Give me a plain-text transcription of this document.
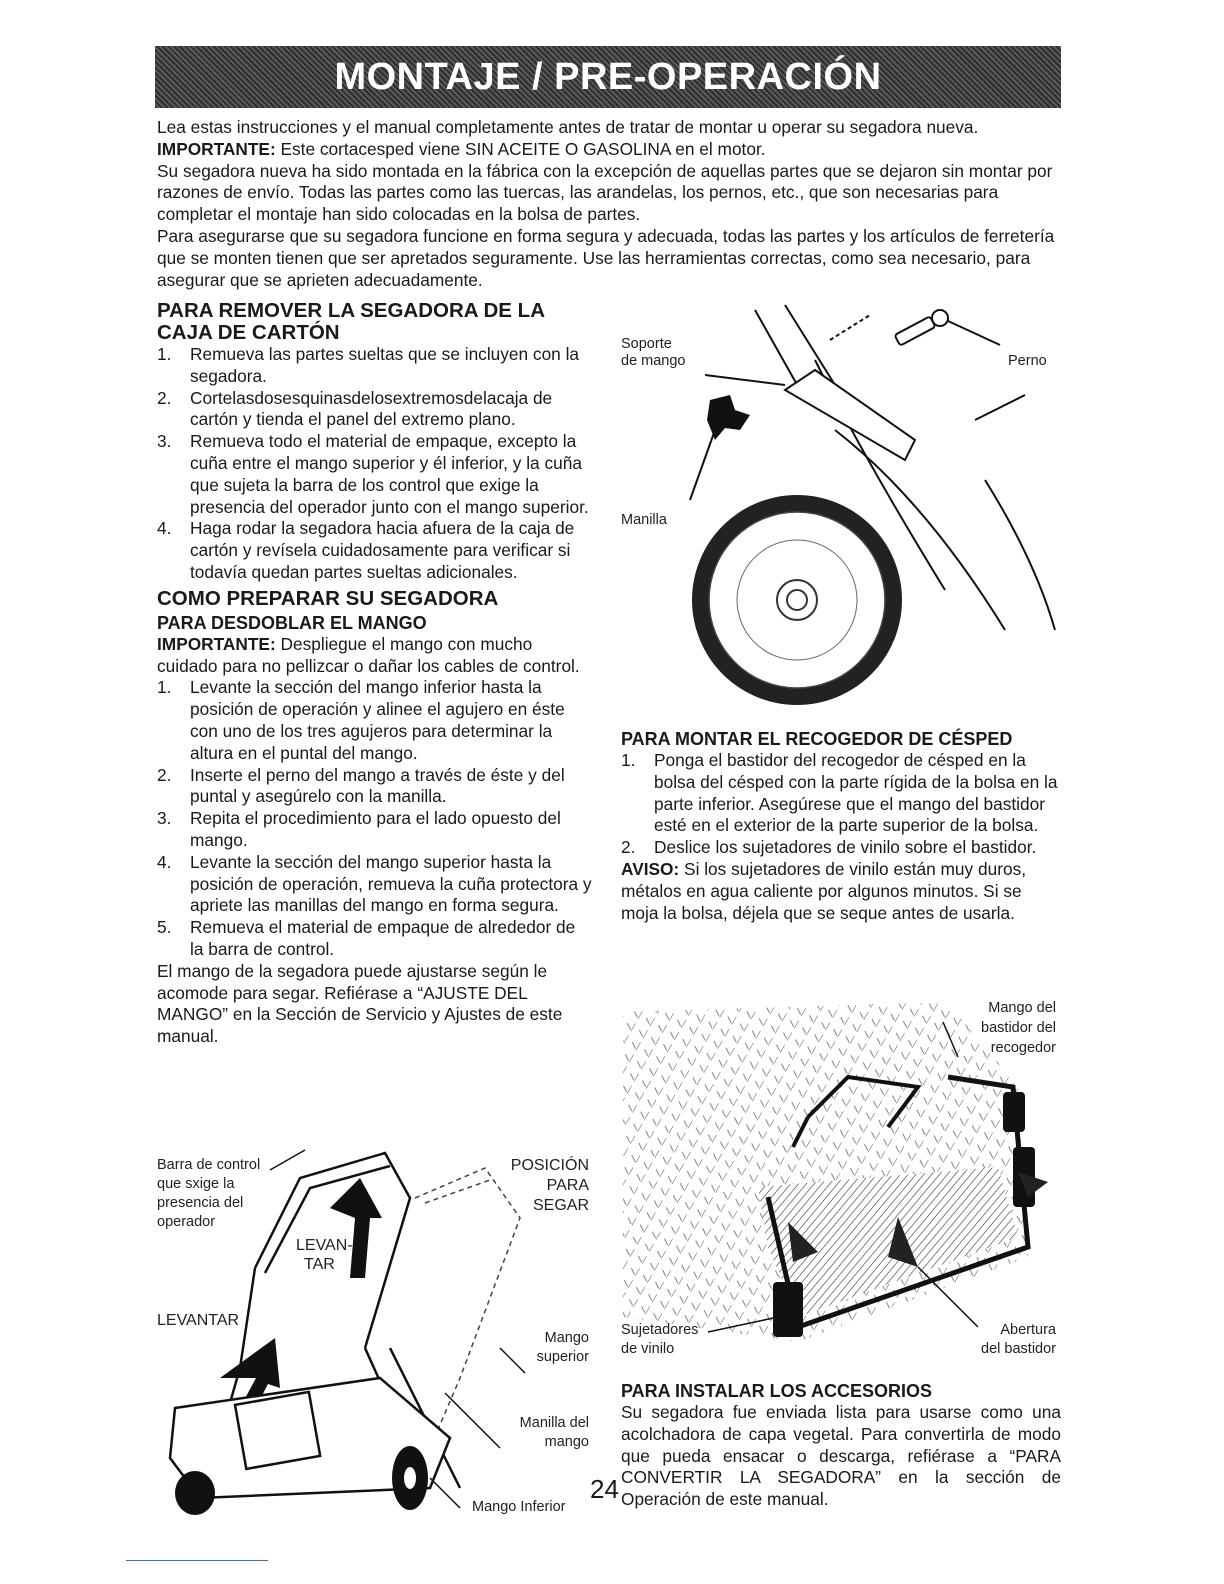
MONTAJE / PRE-OPERACIÓN

Lea estas instrucciones y el manual completamente antes de tratar de montar u operar su segadora nueva.

IMPORTANTE: Este cortacesped viene SIN ACEITE O GASOLINA en el motor.

Su segadora nueva ha sido montada en la fábrica con la excepción de aquellas partes que se dejaron sin montar por razones de envío. Todas las partes como las tuercas, las arandelas, los pernos, etc., que son necesarias para completar el montaje han sido colocadas en la bolsa de partes.

Para asegurarse que su segadora funcione en forma segura y adecuada, todas las partes y los artículos de ferretería que se monten tienen que ser apretados seguramente. Use las herramientas correctas, como sea necesario, para asegurar que se aprieten adecuadamente.

PARA REMOVER LA SEGADORA DE LA CAJA DE CARTÓN
1. Remueva las partes sueltas que se incluyen con la segadora.
2. Cortelasdosesquinasdelosextremosdelacaja de cartón y tienda el panel del extremo plano.
3. Remueva todo el material de empaque, excepto la cuña entre el mango superior y él inferior, y la cuña que sujeta la barra de los control que exige la presencia del operador junto con el mango superior.
4. Haga rodar la segadora hacia afuera de la caja de cartón y revísela cuidadosamente para verificar si todavía quedan partes sueltas adicionales.
COMO PREPARAR SU SEGADORA
PARA DESDOBLAR EL MANGO

IMPORTANTE: Despliegue el mango con mucho cuidado para no pellizcar o dañar los cables de control.

1. Levante la sección del mango inferior hasta la posición de operación y alinee el agujero en éste con uno de los tres agujeros para determinar la altura en el puntal del mango.
2. Inserte el perno del mango a través de éste y del puntal y asegúrelo con la manilla.
3. Repita el procedimiento para el lado opuesto del mango.
4. Levante la sección del mango superior hasta la posición de operación, remueva la cuña protectora y apriete las manillas del mango en forma segura.
5. Remueva el material de empaque de alrededor de la barra de control.

El mango de la segadora puede ajustarse según le acomode para segar. Refiérase a “AJUSTE DEL MANGO” en la Sección de Servicio y Ajustes de este manual.

Soporte
de mango	Perno
Manilla
PARA MONTAR EL RECOGEDOR DE CÉSPED
1. Ponga el bastidor del recogedor de césped en la bolsa del césped con la parte rígida de la bolsa en la parte inferior. Asegúrese que el mango del bastidor esté en el exterior de la parte superior de la bolsa.
2. Deslice los sujetadores de vinilo sobre el bastidor.

AVISO: Si los sujetadores de vinilo están muy duros, métalos en agua caliente por algunos minutos. Si se moja la bolsa, déjela que se seque antes de usarla.

Mango del
bastidor del
recogedor
Sujetadores
de vinilo
Abertura
del bastidor
PARA INSTALAR LOS ACCESORIOS

Su segadora fue enviada lista para usarse como una acolchadora de capa vegetal. Para convertirla de modo que pueda ensacar o descarga, refiérase a “PARA CONVERTIR LA SEGADORA” en la sección de Operación de este manual.

Barra de control
que sxige la
presencia del
operador
POSICIÓN
PARA
SEGAR
LEVAN-
TAR
LEVANTAR
Mango
superior
Manilla del
mango
Mango Inferior
24
